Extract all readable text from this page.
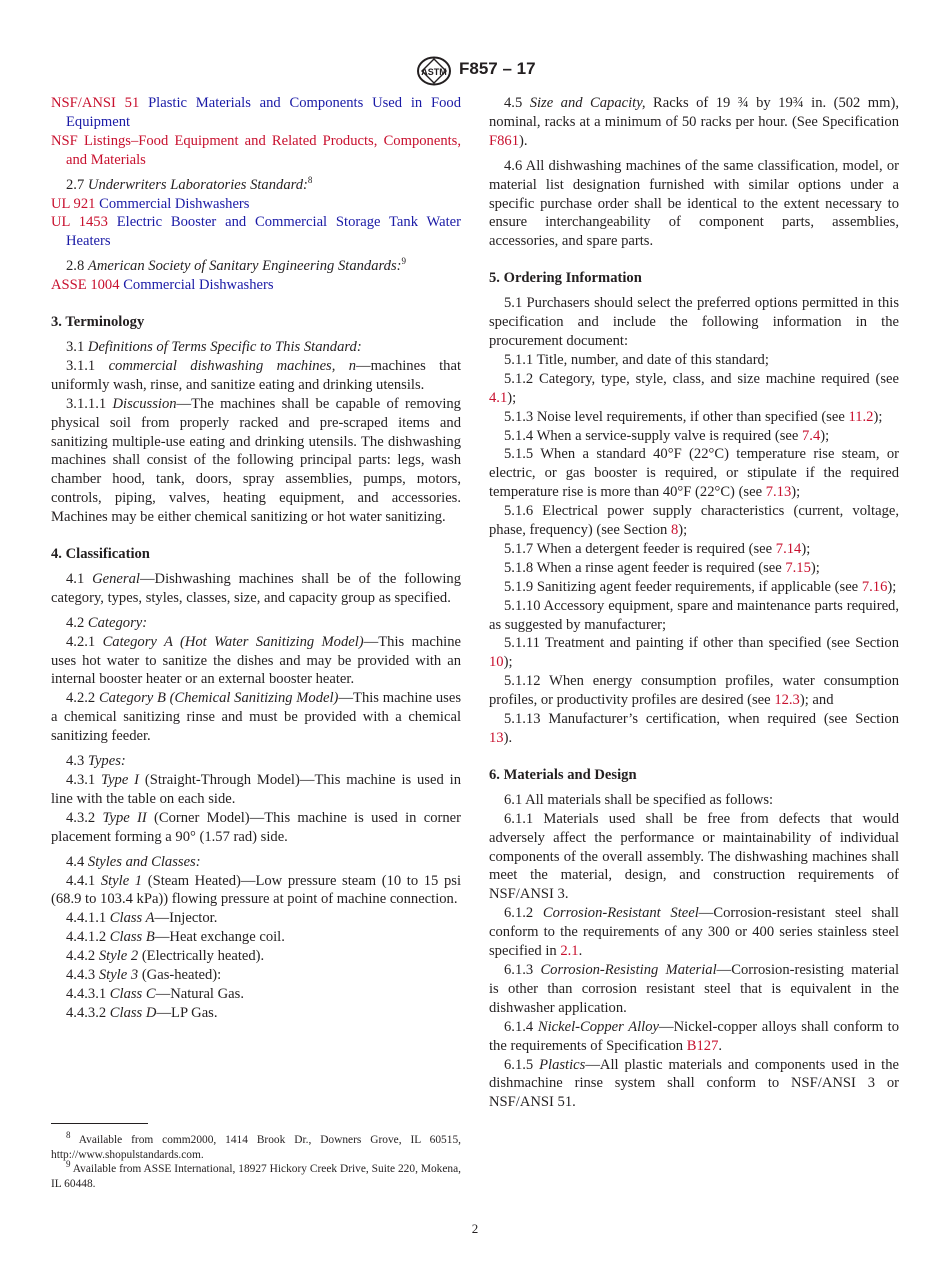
ASTM F857 – 17
NSF/ANSI 51 Plastic Materials and Components Used in Food Equipment
NSF Listings–Food Equipment and Related Products, Components, and Materials

2.7 Underwriters Laboratories Standard:$^8$

UL 921 Commercial Dishwashers
UL 1453 Electric Booster and Commercial Storage Tank Water Heaters

2.8 American Society of Sanitary Engineering Standards:$^9$

ASSE 1004 Commercial Dishwashers
3. Terminology

3.1 Definitions of Terms Specific to This Standard:

3.1.1 commercial dishwashing machines, n—machines that uniformly wash, rinse, and sanitize eating and drinking utensils.

3.1.1.1 Discussion—The machines shall be capable of removing physical soil from properly racked and pre-scraped items and sanitizing multiple-use eating and drinking utensils. The dishwashing machines shall consist of the following principal parts: legs, wash chamber hood, tank, doors, spray assemblies, pumps, motors, controls, piping, valves, heating equipment, and accessories. Machines may be either chemical sanitizing or hot water sanitizing.

4. Classification

4.1 General—Dishwashing machines shall be of the following category, types, styles, classes, size, and capacity group as specified.

4.2 Category:

4.2.1 Category A (Hot Water Sanitizing Model)—This machine uses hot water to sanitize the dishes and may be provided with an internal booster heater or an external booster heater.

4.2.2 Category B (Chemical Sanitizing Model)—This machine uses a chemical sanitizing rinse and must be provided with a chemical sanitizing feeder.

4.3 Types:

4.3.1 Type I (Straight-Through Model)—This machine is used in line with the table on each side.

4.3.2 Type II (Corner Model)—This machine is used in corner placement forming a 90° (1.57 rad) side.

4.4 Styles and Classes:

4.4.1 Style 1 (Steam Heated)—Low pressure steam (10 to 15 psi (68.9 to 103.4 kPa)) flowing pressure at point of machine connection.

4.4.1.1 Class A—Injector.

4.4.1.2 Class B—Heat exchange coil.

4.4.2 Style 2 (Electrically heated).

4.4.3 Style 3 (Gas-heated):

4.4.3.1 Class C—Natural Gas.

4.4.3.2 Class D—LP Gas.

$^8$ Available from comm2000, 1414 Brook Dr., Downers Grove, IL 60515, http://www.shopulstandards.com.

$^9$ Available from ASSE International, 18927 Hickory Creek Drive, Suite 220, Mokena, IL 60448.

4.5 Size and Capacity, Racks of 19 ¾ by 19¾ in. (502 mm), nominal, racks at a minimum of 50 racks per hour. (See Specification F861).

4.6 All dishwashing machines of the same classification, model, or material list designation furnished with similar options under a specific purchase order shall be identical to the extent necessary to ensure interchangeability of component parts, assemblies, accessories, and spare parts.

5. Ordering Information

5.1 Purchasers should select the preferred options permitted in this specification and include the following information in the procurement document:

5.1.1 Title, number, and date of this standard;

5.1.2 Category, type, style, class, and size machine required (see 4.1);

5.1.3 Noise level requirements, if other than specified (see 11.2);

5.1.4 When a service-supply valve is required (see 7.4);

5.1.5 When a standard 40°F (22°C) temperature rise steam, or electric, or gas booster is required, or stipulate if the required temperature rise is more than 40°F (22°C) (see 7.13);

5.1.6 Electrical power supply characteristics (current, voltage, phase, frequency) (see Section 8);

5.1.7 When a detergent feeder is required (see 7.14);

5.1.8 When a rinse agent feeder is required (see 7.15);

5.1.9 Sanitizing agent feeder requirements, if applicable (see 7.16);

5.1.10 Accessory equipment, spare and maintenance parts required, as suggested by manufacturer;

5.1.11 Treatment and painting if other than specified (see Section 10);

5.1.12 When energy consumption profiles, water consumption profiles, or productivity profiles are desired (see 12.3); and

5.1.13 Manufacturer’s certification, when required (see Section 13).

6. Materials and Design

6.1 All materials shall be specified as follows:

6.1.1 Materials used shall be free from defects that would adversely affect the performance or maintainability of individual components of the overall assembly. The dishwashing machines shall meet the material, design, and construction requirements of NSF/ANSI 3.

6.1.2 Corrosion-Resistant Steel—Corrosion-resistant steel shall conform to the requirements of any 300 or 400 series stainless steel specified in 2.1.

6.1.3 Corrosion-Resisting Material—Corrosion-resisting material is other than corrosion resistant steel that is equivalent in the dishwasher application.

6.1.4 Nickel-Copper Alloy—Nickel-copper alloys shall conform to the requirements of Specification B127.

6.1.5 Plastics—All plastic materials and components used in the dishmachine rinse system shall conform to NSF/ANSI 3 or NSF/ANSI 51.

2
